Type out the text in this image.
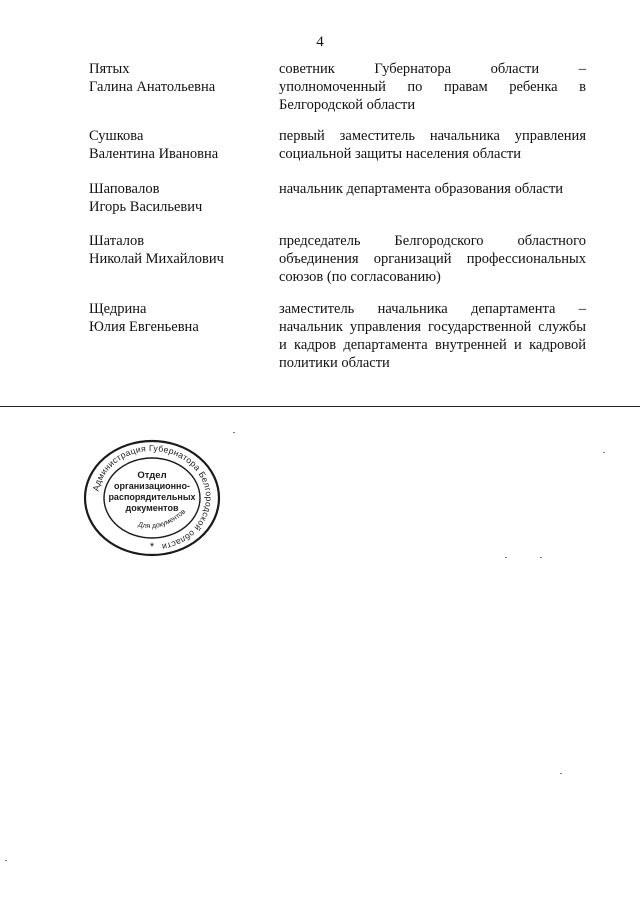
4
Пятых
Галина Анатольевна
советник Губернатора области – уполномоченный по правам ребенка в Белгородской области
Сушкова
Валентина Ивановна
первый заместитель начальника управления социальной защиты населения области
Шаповалов
Игорь Васильевич
начальник департамента образования области
Шаталов
Николай Михайлович
председатель Белгородского областного объединения организаций профессиональных союзов (по согласованию)
Щедрина
Юлия Евгеньевна
заместитель начальника департамента – начальник управления государственной службы и кадров департамента внутренней и кадровой политики области
Администрация Губернатора Белгородской области
Отдел
организационно-
распорядительных
документов
Для документов
*
